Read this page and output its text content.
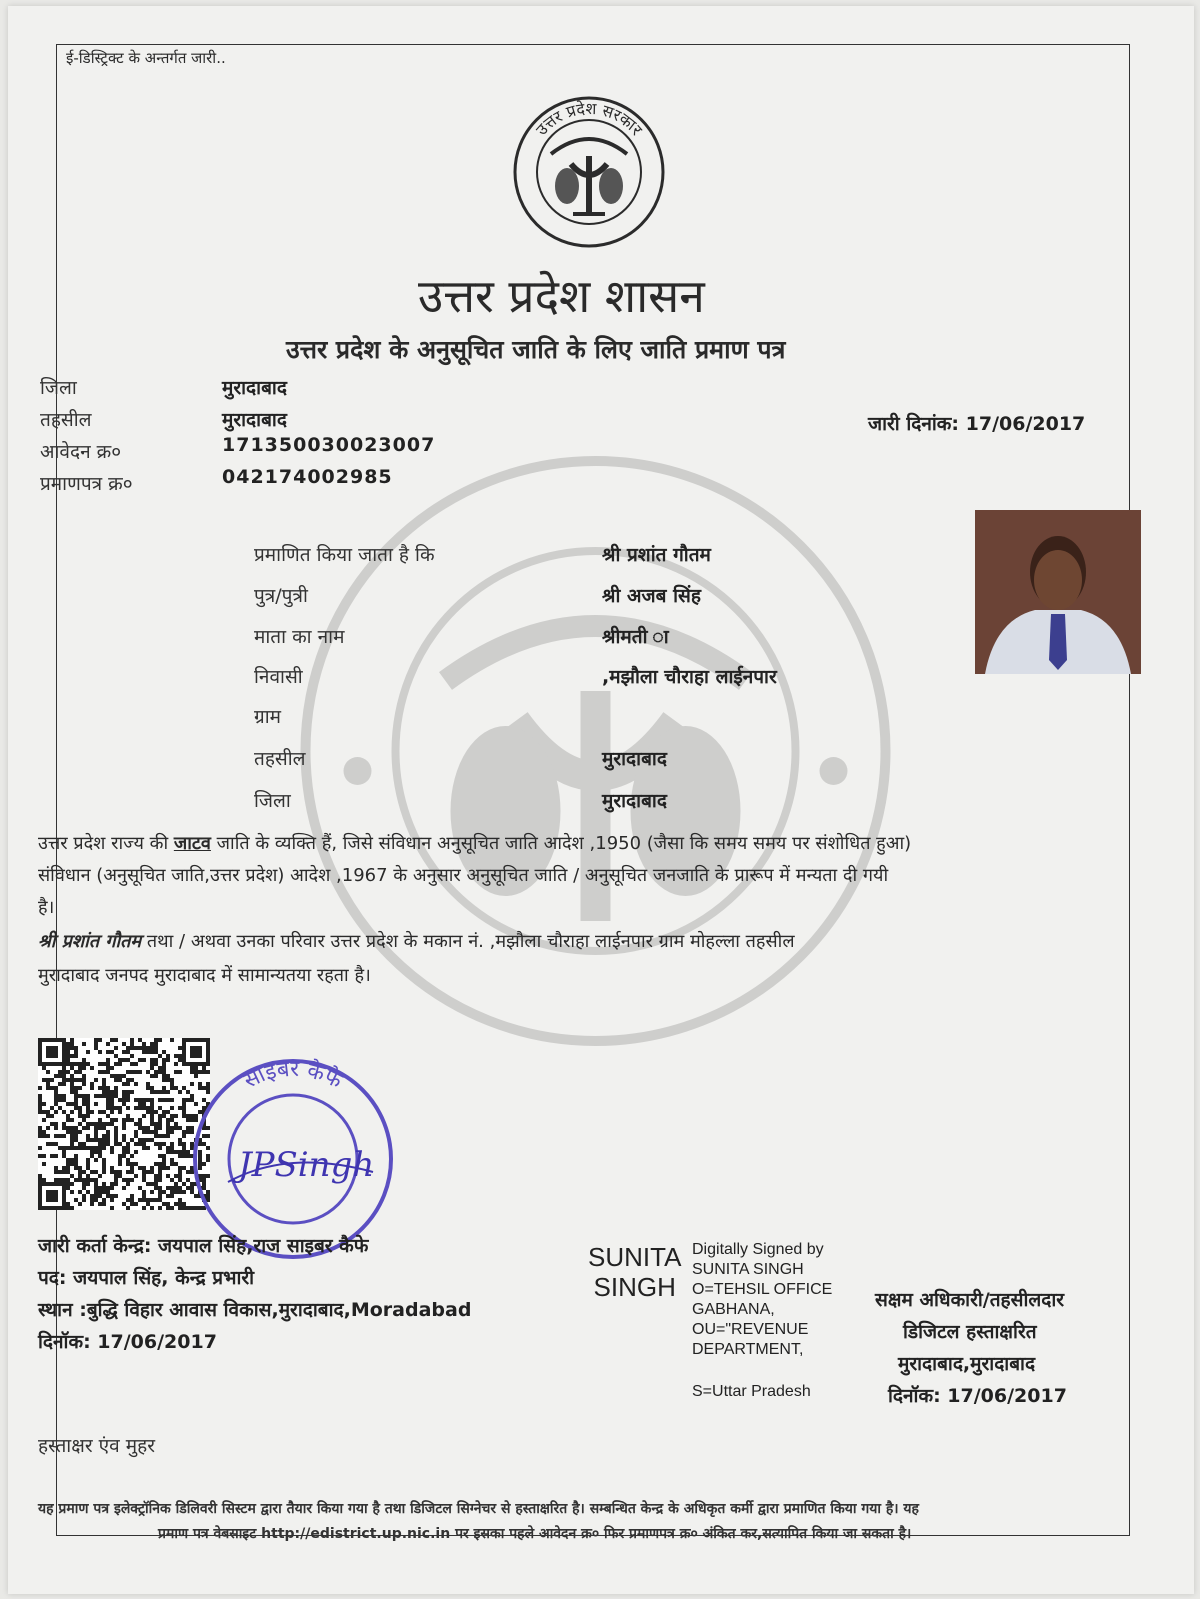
ई-डिस्ट्रिक्ट के अन्तर्गत जारी..
उत्तर प्रदेश सरकार
उत्तर प्रदेश शासन
उत्तर प्रदेश के अनुसूचित जाति के लिए जाति प्रमाण पत्र
जिला	मुरादाबाद
तहसील	मुरादाबाद
आवेदन क्र०	171350030023007
प्रमाणपत्र क्र०	042174002985
जारी दिनांक: 17/06/2017
प्रमाणित किया जाता है कि	श्री प्रशांत गौतम
पुत्र/पुत्री	श्री अजब सिंह
माता का नाम	श्रीमती ा
निवासी	,मझौला चौराहा लाईनपार
ग्राम
तहसील	मुरादाबाद
जिला	मुरादाबाद
उत्तर प्रदेश राज्य की जाटव जाति के व्यक्ति हैं, जिसे संविधान अनुसूचित जाति आदेश ,1950 (जैसा कि समय समय पर संशोधित हुआ)
संविधान (अनुसूचित जाति,उत्तर प्रदेश) आदेश ,1967 के अनुसार अनुसूचित जाति / अनुसूचित जनजाति के प्रारूप में मन्यता दी गयी
है।
श्री प्रशांत गौतम तथा / अथवा उनका परिवार उत्तर प्रदेश के मकान नं. ,मझौला चौराहा लाईनपार ग्राम मोहल्ला तहसील
मुरादाबाद जनपद मुरादाबाद में सामान्यतया रहता है।
साइबर कैफे
JPSingh
जारी कर्ता केन्द्र: जयपाल सिंह,राज साइबर कैफे
पद: जयपाल सिंह, केन्द्र प्रभारी
स्थान :बुद्धि विहार आवास विकास,मुरादाबाद,Moradabad
दिनॉक: 17/06/2017
SUNITA
SINGH
Digitally Signed by
SUNITA SINGH
O=TEHSIL OFFICE
GABHANA,
OU="REVENUE
DEPARTMENT,
S=Uttar Pradesh
सक्षम अधिकारी/तहसीलदार
डिजिटल हस्ताक्षरित
मुरादाबाद,मुरादाबाद
दिनॉक: 17/06/2017
हस्ताक्षर एंव मुहर
यह प्रमाण पत्र इलेक्ट्रॉनिक डिलिवरी सिस्टम द्वारा तैयार किया गया है तथा डिजिटल सिग्नेचर से हस्ताक्षरित है। सम्बन्धित केन्द्र के अधिकृत कर्मी द्वारा प्रमाणित किया गया है। यह
प्रमाण पत्र वेबसाइट http://edistrict.up.nic.in पर इसका पहले आवेदन क्र० फिर प्रमाणपत्र क्र० अंकित कर,सत्यापित किया जा सकता है।
